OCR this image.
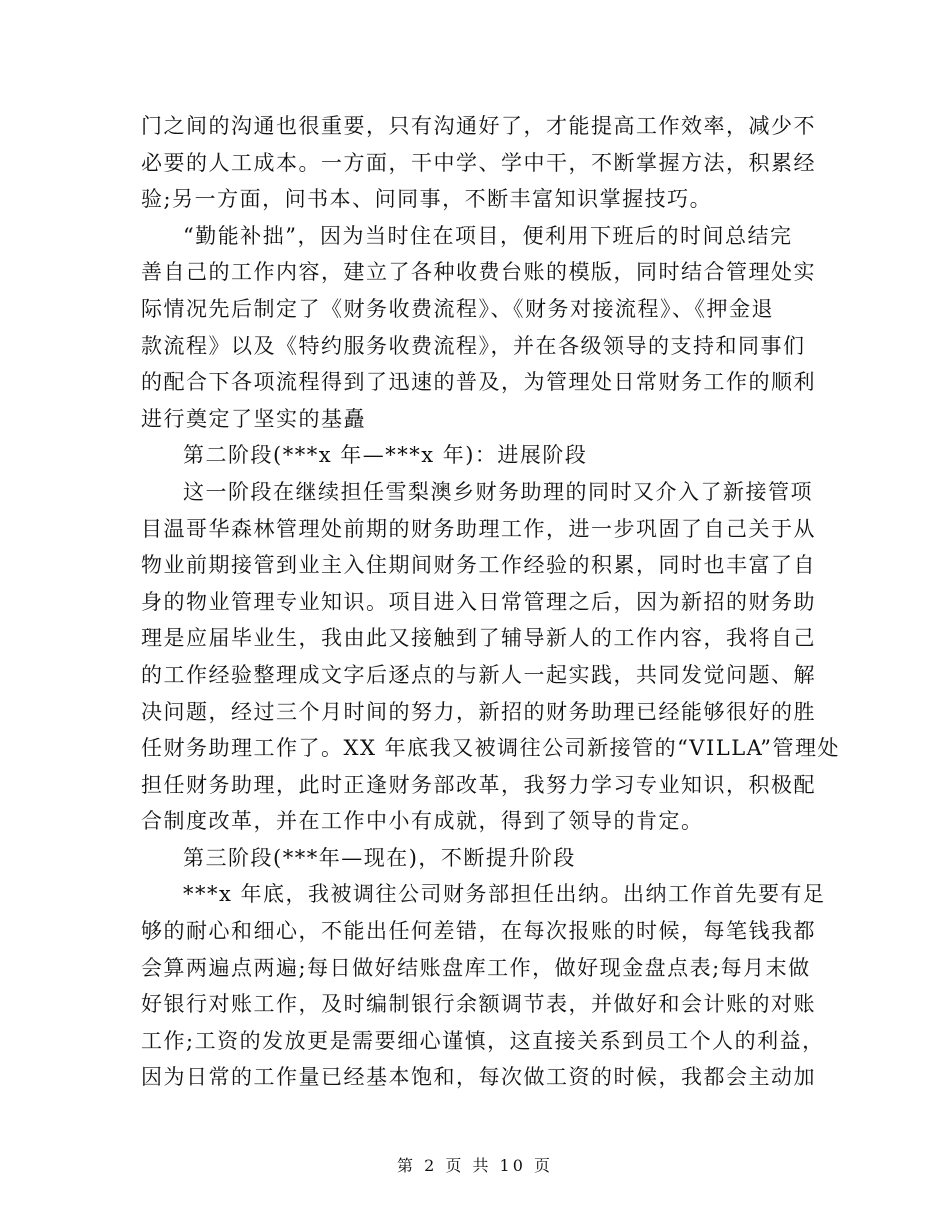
门之间的沟通也很重要，只有沟通好了，才能提高工作效率，减少不
必要的人工成本。一方面，干中学、学中干，不断掌握方法，积累经
验;另一方面，问书本、问同事，不断丰富知识掌握技巧。
“勤能补拙”，因为当时住在项目，便利用下班后的时间总结完
善自己的工作内容，建立了各种收费台账的模版，同时结合管理处实
际情况先后制定了《财务收费流程》、《财务对接流程》、《押金退
款流程》以及《特约服务收费流程》，并在各级领导的支持和同事们
的配合下各项流程得到了迅速的普及，为管理处日常财务工作的顺利
进行奠定了坚实的基矗
第二阶段(***x 年—***x 年)：进展阶段
这一阶段在继续担任雪梨澳乡财务助理的同时又介入了新接管项
目温哥华森林管理处前期的财务助理工作，进一步巩固了自己关于从
物业前期接管到业主入住期间财务工作经验的积累，同时也丰富了自
身的物业管理专业知识。项目进入日常管理之后，因为新招的财务助
理是应届毕业生，我由此又接触到了辅导新人的工作内容，我将自己
的工作经验整理成文字后逐点的与新人一起实践，共同发觉问题、解
决问题，经过三个月时间的努力，新招的财务助理已经能够很好的胜
任财务助理工作了。XX 年底我又被调往公司新接管的“VILLA”管理处
担任财务助理，此时正逢财务部改革，我努力学习专业知识，积极配
合制度改革，并在工作中小有成就，得到了领导的肯定。
第三阶段(***年—现在)，不断提升阶段
***x 年底，我被调往公司财务部担任出纳。出纳工作首先要有足
够的耐心和细心，不能出任何差错，在每次报账的时候，每笔钱我都
会算两遍点两遍;每日做好结账盘库工作，做好现金盘点表;每月末做
好银行对账工作，及时编制银行余额调节表，并做好和会计账的对账
工作;工资的发放更是需要细心谨慎，这直接关系到员工个人的利益，
因为日常的工作量已经基本饱和，每次做工资的时候，我都会主动加
第 2 页 共 10 页
